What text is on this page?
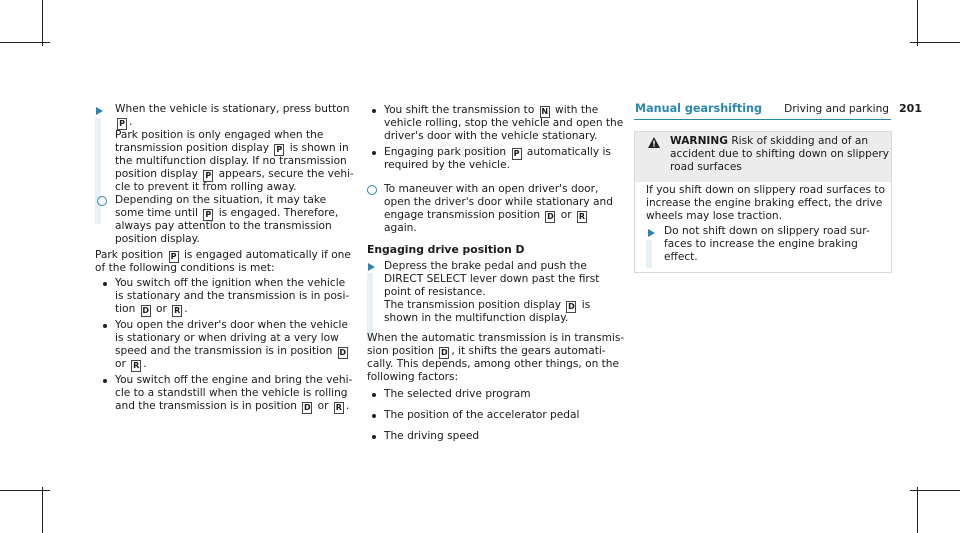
Driving and parking 201
When the vehicle is stationary, press button
P .
Park position is only engaged when the
transmission position display P is shown in
the multifunction display. If no transmission
position display P appears, secure the vehi-
cle to prevent it from rolling away.
Depending on the situation, it may take
some time until P is engaged. Therefore,
always pay attention to the transmission
position display.
Park position P is engaged automatically if one
of the following conditions is met:
You switch off the ignition when the vehicle
is stationary and the transmission is in posi-
tion D or R .
You open the driver's door when the vehicle
is stationary or when driving at a very low
speed and the transmission is in position D
or R .
You switch off the engine and bring the vehi-
cle to a standstill when the vehicle is rolling
and the transmission is in position D or R .
You shift the transmission to N with the
vehicle rolling, stop the vehicle and open the
driver's door with the vehicle stationary.
Engaging park position P automatically is
required by the vehicle.
To maneuver with an open driver's door,
open the driver's door while stationary and
engage transmission position D or R
again.
Engaging drive position D
Depress the brake pedal and push the
DIRECT SELECT lever down past the first
point of resistance.
The transmission position display D is
shown in the multifunction display.
When the automatic transmission is in transmis-
sion position D , it shifts the gears automati-
cally. This depends, among other things, on the
following factors:
The selected drive program
The position of the accelerator pedal
The driving speed
Manual gearshifting
WARNING Risk of skidding and of an
accident due to shifting down on slippery
road surfaces
If you shift down on slippery road surfaces to
increase the engine braking effect, the drive
wheels may lose traction.
Do not shift down on slippery road sur-
faces to increase the engine braking
effect.
